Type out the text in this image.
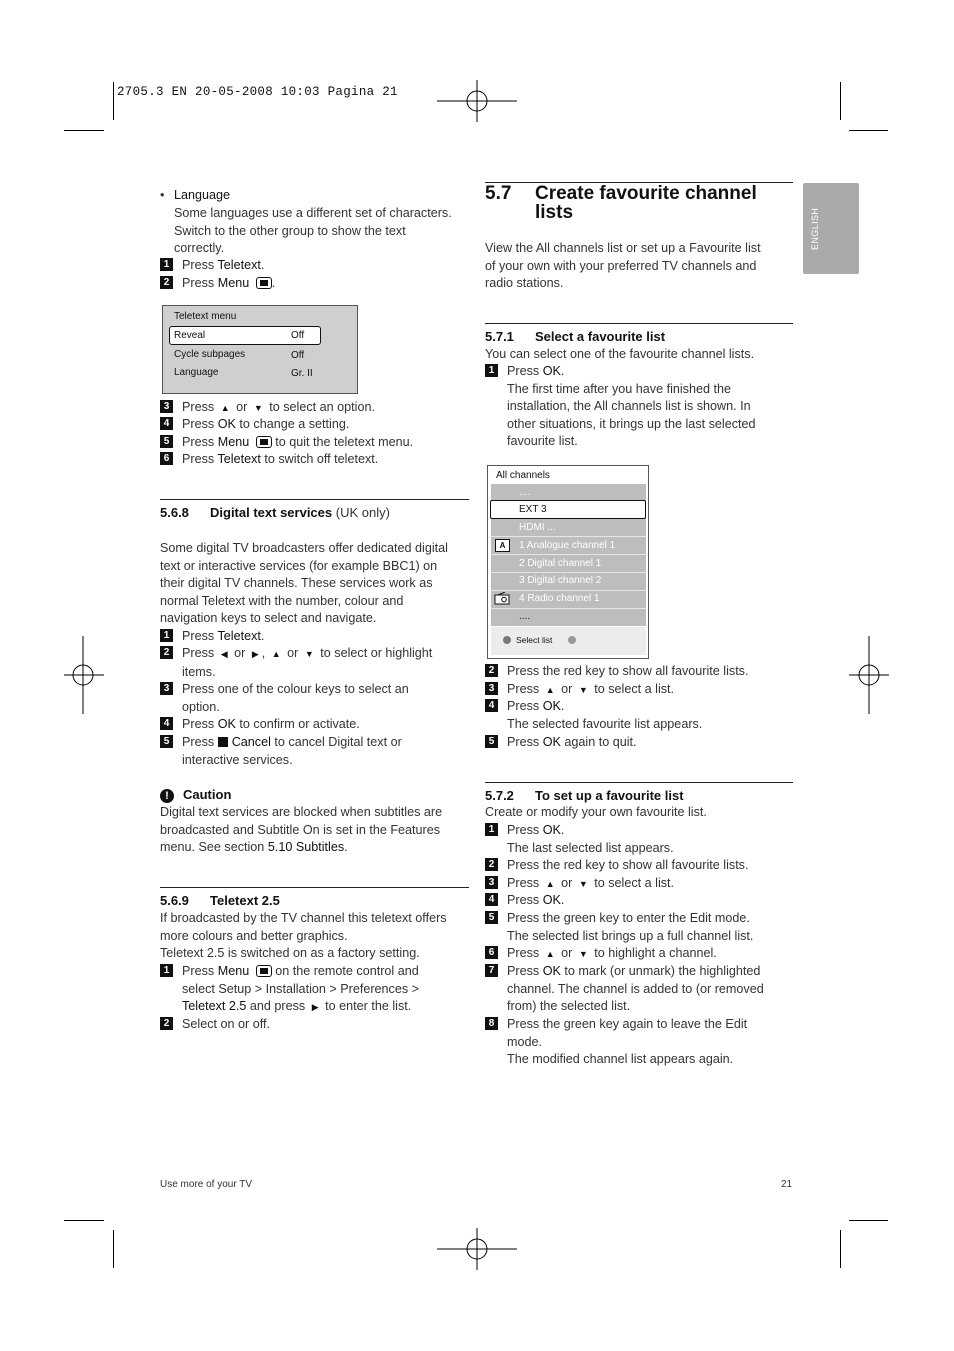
2705.3 EN 20-05-2008 10:03 Pagina 21
ENGLISH
• Language
Some languages use a different set of characters.
Switch to the other group to show the text
correctly.
1 Press Teletext.
2 Press Menu .
Teletext menu
Reveal	Off
Cycle subpages	Off
Language	Gr. II
3 Press ▲ or ▼ to select an option.
4 Press OK to change a setting.
5 Press Menu  to quit the teletext menu.
6 Press Teletext to switch off teletext.
5.6.8 Digital text services (UK only)
Some digital TV broadcasters offer dedicated digital
text or interactive services (for example BBC1) on
their digital TV channels. These services work as
normal Teletext with the number, colour and
navigation keys to select and navigate.
1 Press Teletext.
2 Press ◀ or ▶ , ▲ or ▼ to select or highlight
items.
3 Press one of the colour keys to select an
option.
4 Press OK to confirm or activate.
5 Press Cancel to cancel Digital text or
interactive services.
!	Caution
Digital text services are blocked when subtitles are
broadcasted and Subtitle On is set in the Features
menu. See section 5.10 Subtitles.
5.6.9 Teletext 2.5
If broadcasted by the TV channel this teletext offers
more colours and better graphics.
Teletext 2.5 is switched on as a factory setting.
1 Press Menu  on the remote control and
select Setup > Installation > Preferences >
Teletext 2.5 and press ▶ to enter the list.
2 Select on or off.
5.7 Create favourite channel
lists
View the All channels list or set up a Favourite list
of your own with your preferred TV channels and
radio stations.
5.7.1 Select a favourite list
You can select one of the favourite channel lists.
1 Press OK.
The first time after you have finished the
installation, the All channels list is shown. In
other situations, it brings up the last selected
favourite list.
All channels
....
EXT 3
HDMI ...
A	1 Analogue channel 1
2 Digital channel 1
3 Digital channel 2
4 Radio channel 1
....
Select list
2 Press the red key to show all favourite lists.
3 Press ▲ or ▼ to select a list.
4 Press OK.
The selected favourite list appears.
5 Press OK again to quit.
5.7.2 To set up a favourite list
Create or modify your own favourite list.
1 Press OK.
The last selected list appears.
2 Press the red key to show all favourite lists.
3 Press ▲ or ▼ to select a list.
4 Press OK.
5 Press the green key to enter the Edit mode.
The selected list brings up a full channel list.
6 Press ▲ or ▼ to highlight a channel.
7 Press OK to mark (or unmark) the highlighted
channel. The channel is added to (or removed
from) the selected list.
8 Press the green key again to leave the Edit
mode.
The modified channel list appears again.
Use more of your TV	21
